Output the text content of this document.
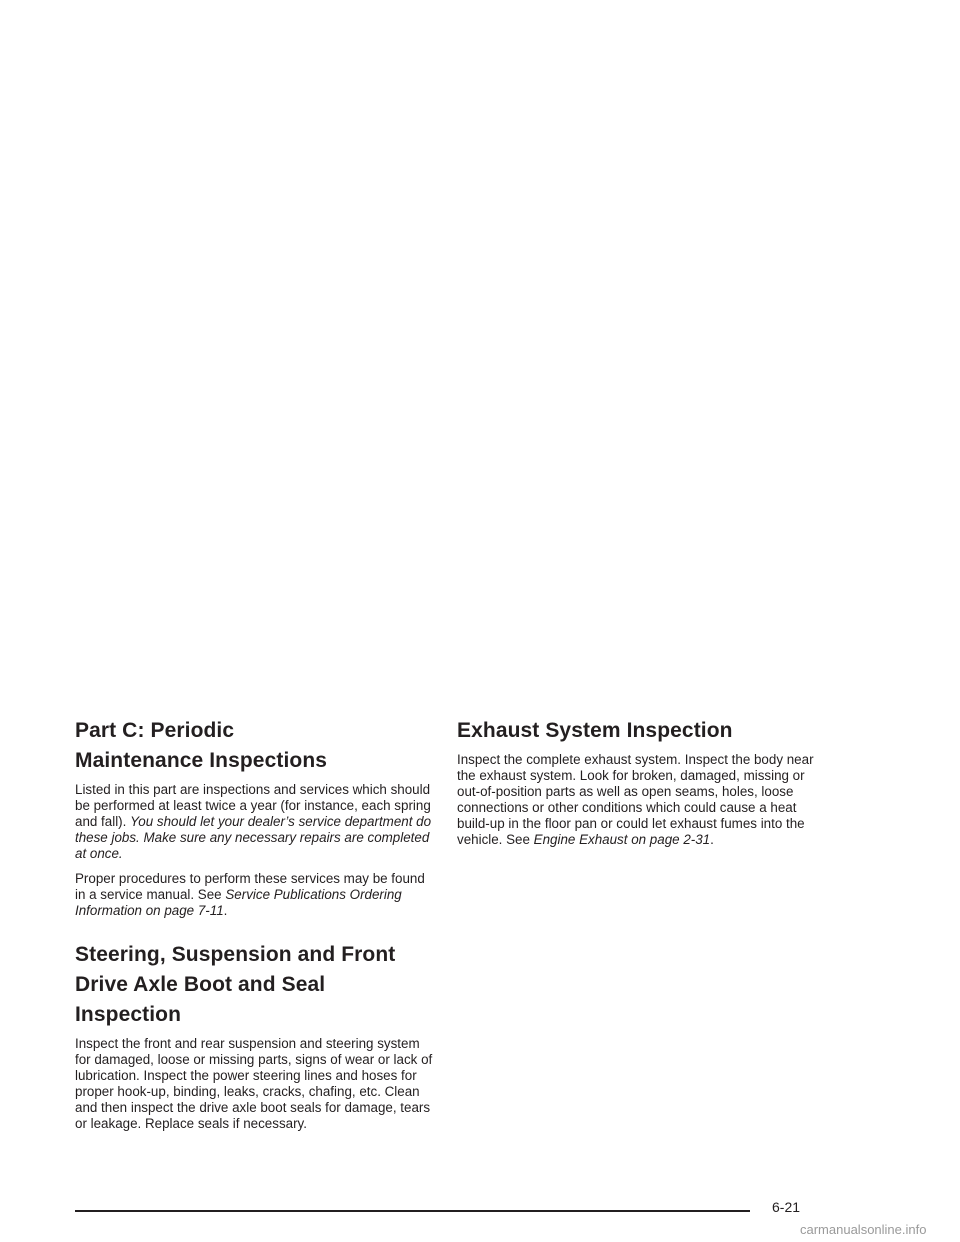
Part C: Periodic
Maintenance Inspections

Listed in this part are inspections and services which should be performed at least twice a year (for instance, each spring and fall). You should let your dealer’s service department do these jobs. Make sure any necessary repairs are completed at once.

Proper procedures to perform these services may be found in a service manual. See Service Publications Ordering Information on page 7-11.

Steering, Suspension and Front
Drive Axle Boot and Seal Inspection

Inspect the front and rear suspension and steering system for damaged, loose or missing parts, signs of wear or lack of lubrication. Inspect the power steering lines and hoses for proper hook-up, binding, leaks, cracks, chafing, etc. Clean and then inspect the drive axle boot seals for damage, tears or leakage. Replace seals if necessary.

Exhaust System Inspection

Inspect the complete exhaust system. Inspect the body near the exhaust system. Look for broken, damaged, missing or out-of-position parts as well as open seams, holes, loose connections or other conditions which could cause a heat build-up in the floor pan or could let exhaust fumes into the vehicle. See Engine Exhaust on page 2-31.

6-21
carmanualsonline.info
